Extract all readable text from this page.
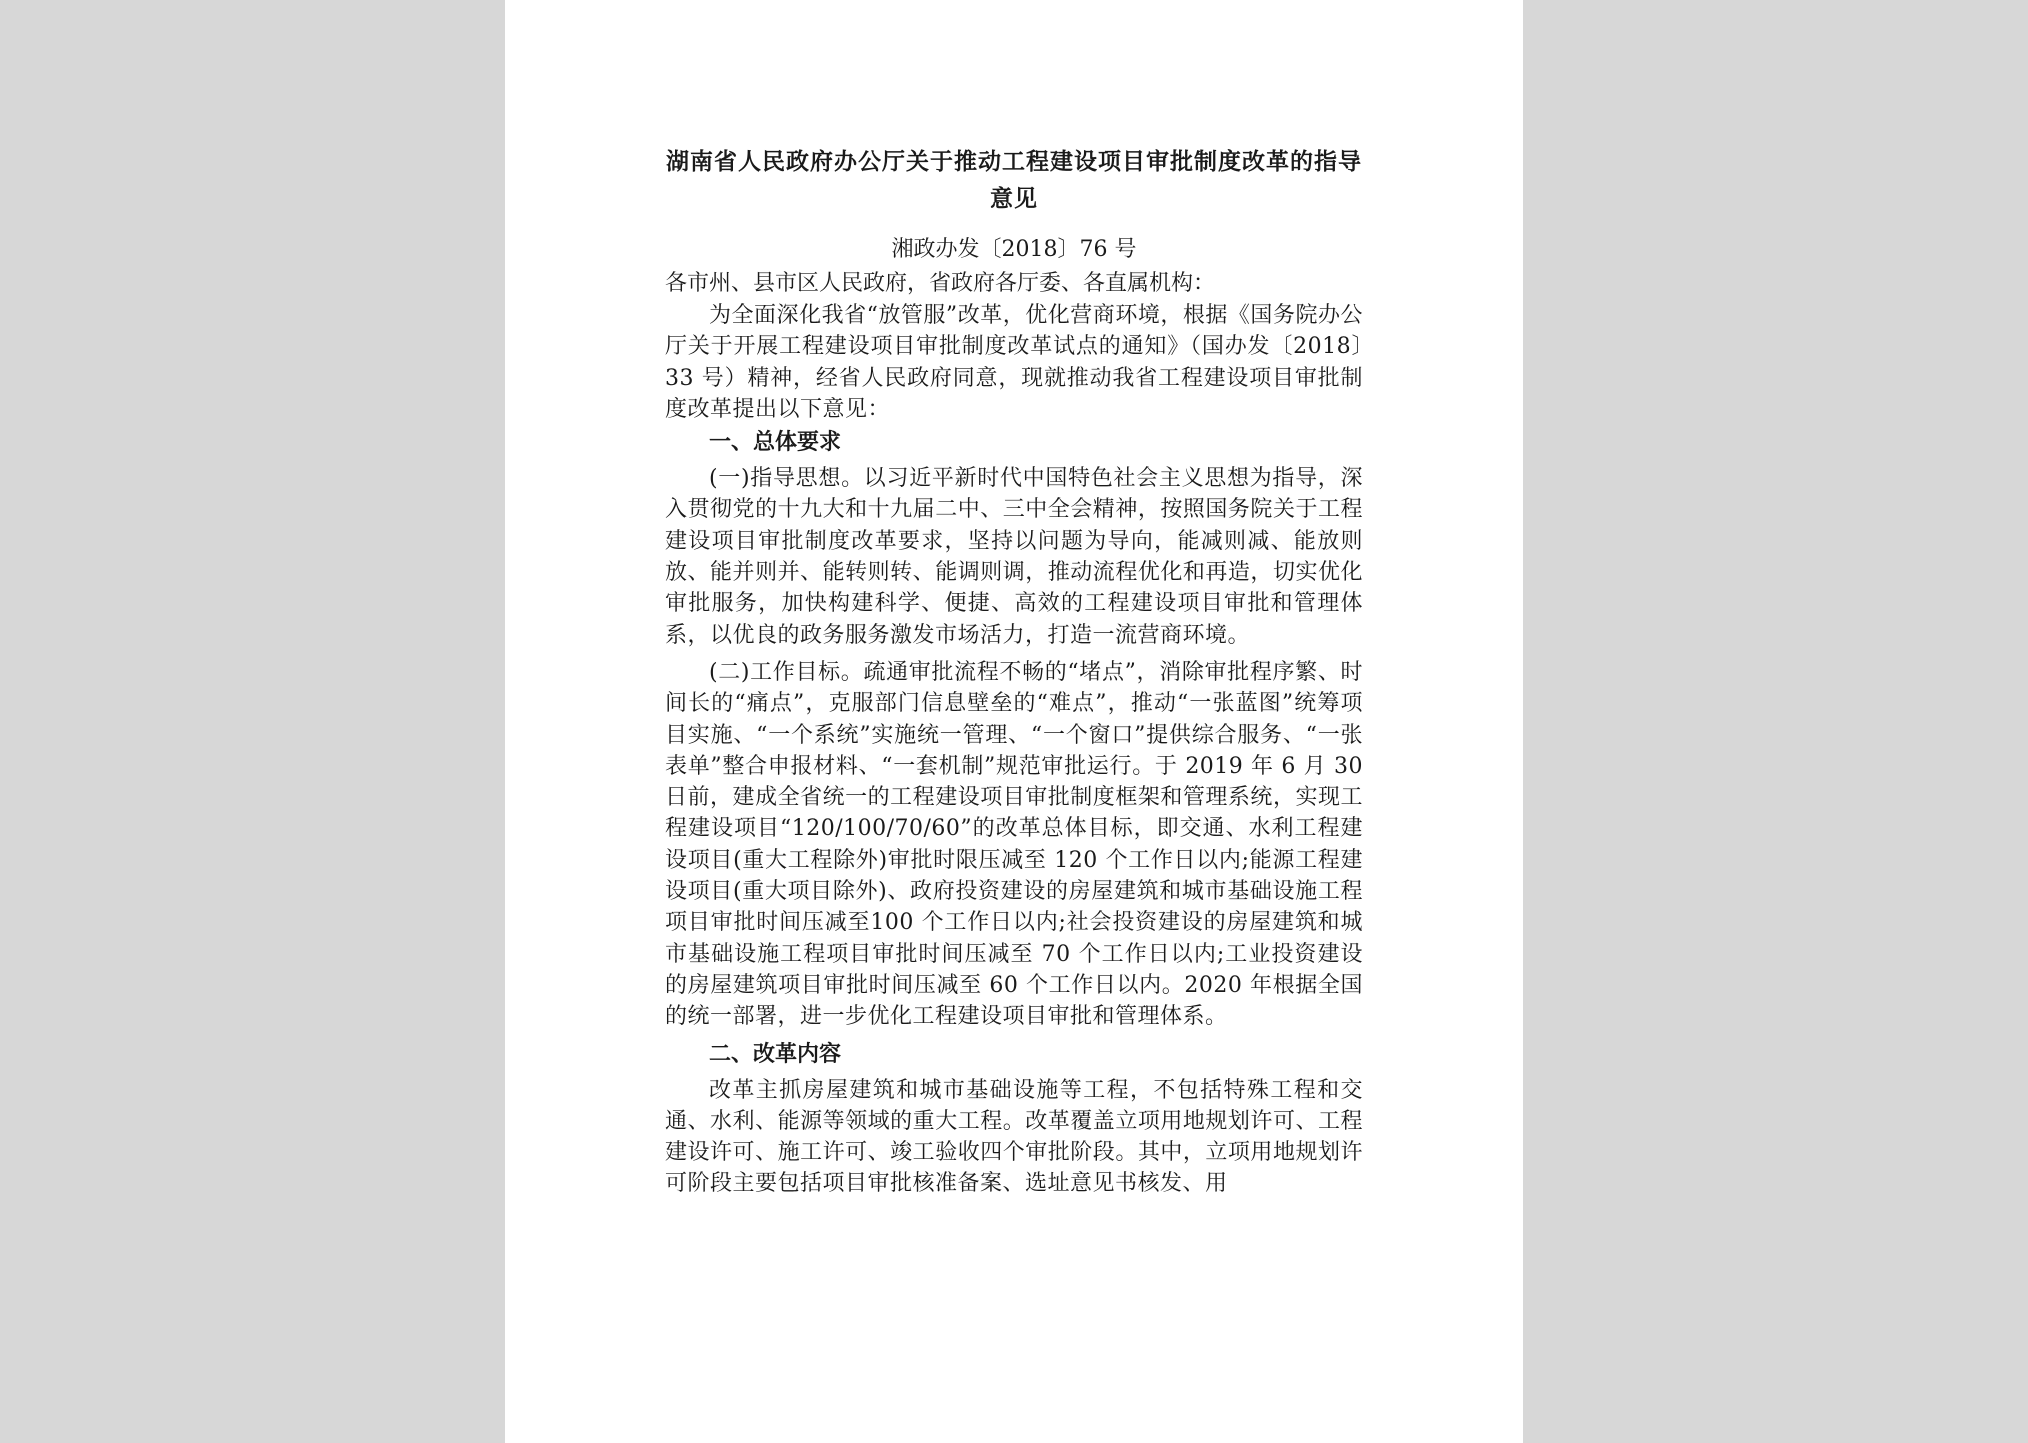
湖南省人民政府办公厅关于推动工程建设项目审批制度改革的指导
意见
湘政办发〔2018〕76 号
各市州、县市区人民政府，省政府各厅委、各直属机构：

为全面深化我省“放管服”改革，优化营商环境，根据《国务院办公厅关于开展工程建设项目审批制度改革试点的通知》（国办发〔2018〕33 号）精神，经省人民政府同意，现就推动我省工程建设项目审批制度改革提出以下意见：

一、总体要求

(一)指导思想。以习近平新时代中国特色社会主义思想为指导，深入贯彻党的十九大和十九届二中、三中全会精神，按照国务院关于工程建设项目审批制度改革要求，坚持以问题为导向，能减则减、能放则放、能并则并、能转则转、能调则调，推动流程优化和再造，切实优化审批服务，加快构建科学、便捷、高效的工程建设项目审批和管理体系，以优良的政务服务激发市场活力，打造一流营商环境。

(二)工作目标。疏通审批流程不畅的“堵点”，消除审批程序繁、时间长的“痛点”，克服部门信息壁垒的“难点”，推动“一张蓝图”统筹项目实施、“一个系统”实施统一管理、“一个窗口”提供综合服务、“一张表单”整合申报材料、“一套机制”规范审批运行。于 2019 年 6 月 30 日前，建成全省统一的工程建设项目审批制度框架和管理系统，实现工程建设项目“120/100/70/60”的改革总体目标，即交通、水利工程建设项目(重大工程除外)审批时限压减至 120 个工作日以内;能源工程建设项目(重大项目除外)、政府投资建设的房屋建筑和城市基础设施工程项目审批时间压减至100 个工作日以内;社会投资建设的房屋建筑和城市基础设施工程项目审批时间压减至 70 个工作日以内;工业投资建设的房屋建筑项目审批时间压减至 60 个工作日以内。2020 年根据全国的统一部署，进一步优化工程建设项目审批和管理体系。

二、改革内容

改革主抓房屋建筑和城市基础设施等工程，不包括特殊工程和交通、水利、能源等领域的重大工程。改革覆盖立项用地规划许可、工程建设许可、施工许可、竣工验收四个审批阶段。其中，立项用地规划许可阶段主要包括项目审批核准备案、选址意见书核发、用
